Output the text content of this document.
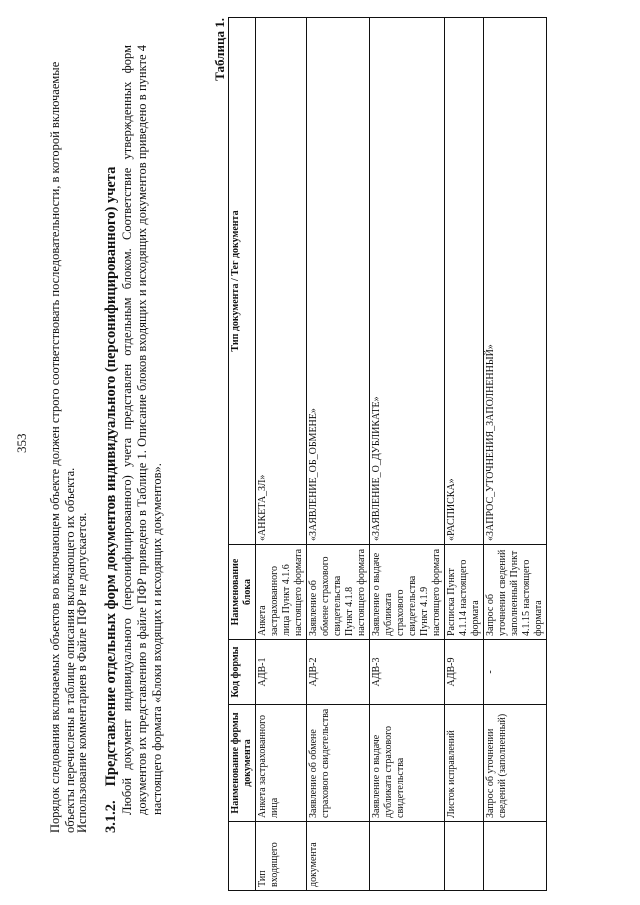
353 Порядок следования включаемых объектов во включающем объекте должен строго соответствовать последовательности, в которой включаемые объекты перечислены в таблице описания включающего их объекта.
Использование комментариев в Файле ПФР не допускается. 3.1.2.Представление отдельных форм документов индивидуального (персонифицированного) учета Любой документ индивидуального (персонифицированного) учета представлен отдельным блоком. Соответствие утвержденных форм документов их представлению в файле ПФР приведено в Таблице 1. Описание блоков входящих и исходящих документов приведено в пункте 4 настоящего формата «Блоки входящих и исходящих документов».
Таблица 1.
	Наименование формы документа	Код формы	Наименование блока	Тип документа / Тег документа
Тип входящего	Анкета застрахованного лица	АДВ-1	Анкета застрахованного лица Пункт 4.1.6 настоящего формата	«АНКЕТА_ЗЛ»
документа	Заявление об обмене страхового свидетельства	АДВ-2	Заявление об обмене страхового свидетельства Пункт 4.1.8 настоящего формата	«ЗАЯВЛЕНИЕ_ОБ_ОБМЕНЕ»
	Заявление о выдаче дубликата страхового свидетельства	АДВ-3	Заявление о выдаче дубликата страхового свидетельства Пункт 4.1.9 настоящего формата	«ЗАЯВЛЕНИЕ_О_ДУБЛИКАТЕ»
	Листок исправлений	АДВ-9	Расписка Пункт 4.1.14 настоящего формата	«РАСПИСКА»
	Запрос об уточнении сведений (заполненный)	-	Запрос об уточнении сведений заполненный Пункт 4.1.15 настоящего формата	«ЗАПРОС_УТОЧНЕНИЯ_ЗАПОЛНЕННЫЙ»
